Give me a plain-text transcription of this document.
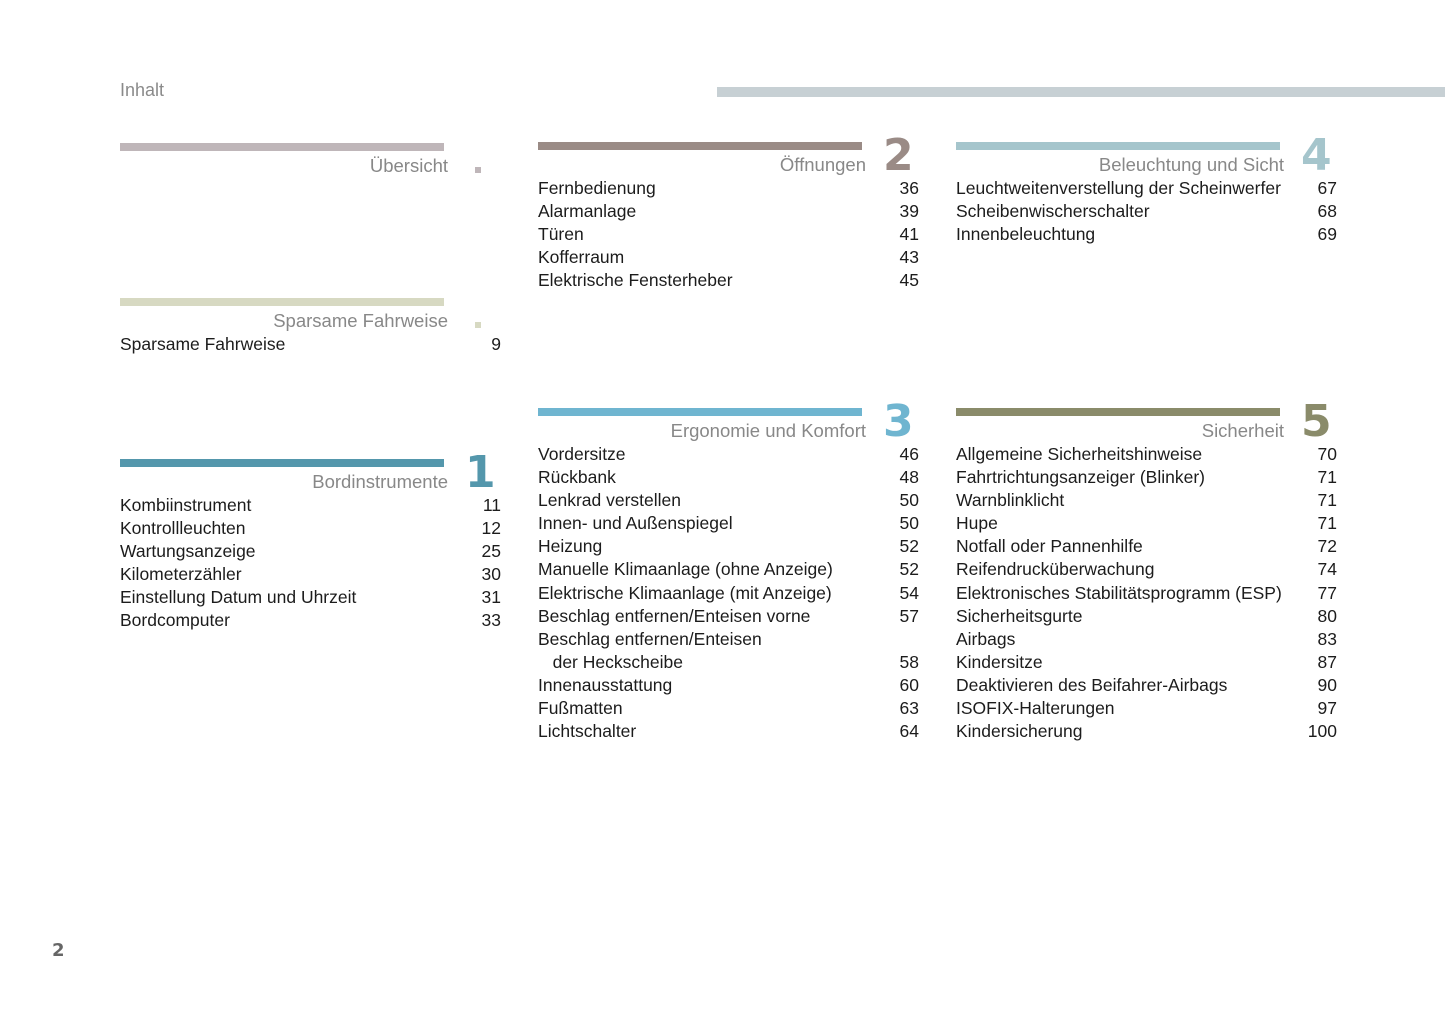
Inhalt
Übersicht
Sparsame Fahrweise
Sparsame Fahrweise	9
Bordinstrumente 1
Kombiinstrument	11
Kontrollleuchten	12
Wartungsanzeige	25
Kilometerzähler	30
Einstellung Datum und Uhrzeit	31
Bordcomputer	33
Öffnungen 2
Fernbedienung	36
Alarmanlage	39
Türen	41
Kofferraum	43
Elektrische Fensterheber	45
Ergonomie und Komfort 3
Vordersitze	46
Rückbank	48
Lenkrad verstellen	50
Innen- und Außenspiegel	50
Heizung	52
Manuelle Klimaanlage (ohne Anzeige)	52
Elektrische Klimaanlage (mit Anzeige)	54
Beschlag entfernen/Enteisen vorne	57
Beschlag entfernen/Enteisen
der Heckscheibe	58
Innenausstattung	60
Fußmatten	63
Lichtschalter	64
Beleuchtung und Sicht 4
Leuchtweitenverstellung der Scheinwerfer 67
Scheibenwischerschalter	68
Innenbeleuchtung	69
Sicherheit 5
Allgemeine Sicherheitshinweise	70
Fahrtrichtungsanzeiger (Blinker)	71
Warnblinklicht	71
Hupe	71
Notfall oder Pannenhilfe	72
Reifendrucküberwachung	74
Elektronisches Stabilitätsprogramm (ESP) 77
Sicherheitsgurte	80
Airbags	83
Kindersitze	87
Deaktivieren des Beifahrer-Airbags	90
ISOFIX-Halterungen	97
Kindersicherung	100
2
